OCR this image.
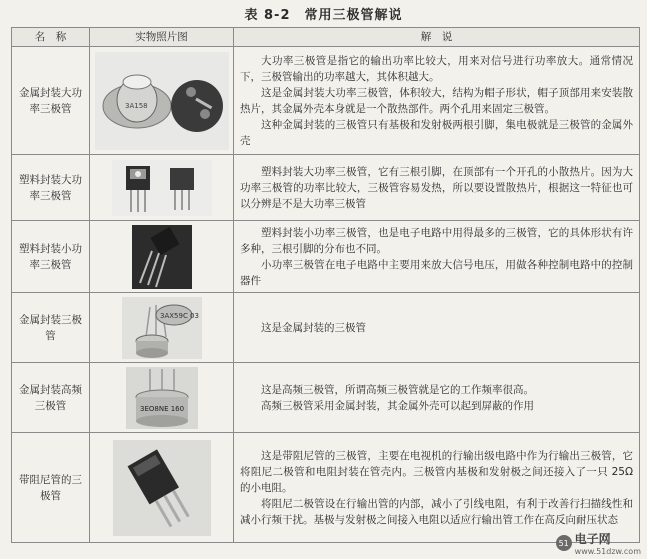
表 8-2　常用三极管解说
名　称	实物照片图	解　说
金属封装大功率三极管	3A158	大功率三极管是指它的输出功率比较大，用来对信号进行功率放大。通常情况下，三极管输出的功率越大，其体积越大。

这是金属封装大功率三极管，体积较大，结构为帽子形状，帽子顶部用来安装散热片，其金属外壳本身就是一个散热部件。两个孔用来固定三极管。

这种金属封装的三极管只有基极和发射极两根引脚，集电极就是三极管的金属外壳

塑料封装大功率三极管		塑料封装大功率三极管，它有三根引脚，在顶部有一个开孔的小散热片。因为大功率三极管的功率比较大，三极管容易发热，所以要设置散热片，根据这一特征也可以分辨是不是大功率三极管

塑料封装小功率三极管		塑料封装小功率三极管，也是电子电路中用得最多的三极管，它的具体形状有许多种，三根引脚的分布也不同。

小功率三极管在电子电路中主要用来放大信号电压，用做各种控制电路中的控制器件

金属封装三极管	3AX59C 03	这是金属封装的三极管

金属封装高频三极管	3EO8NE 160	这是高频三极管，所谓高频三极管就是它的工作频率很高。

高频三极管采用金属封装，其金属外壳可以起到屏蔽的作用

带阻尼管的三极管		这是带阻尼管的三极管，主要在电视机的行输出级电路中作为行输出三极管，它将阻尼二极管和电阻封装在管壳内。三极管内基极和发射极之间还接入了一只 25Ω 的小电阻。

将阻尼二极管设在行输出管的内部，减小了引线电阻，有利于改善行扫描线性和减小行频干扰。基极与发射极之间接入电阻以适应行输出管工作在高反向耐压状态

51 电子网
www.51dzw.com
